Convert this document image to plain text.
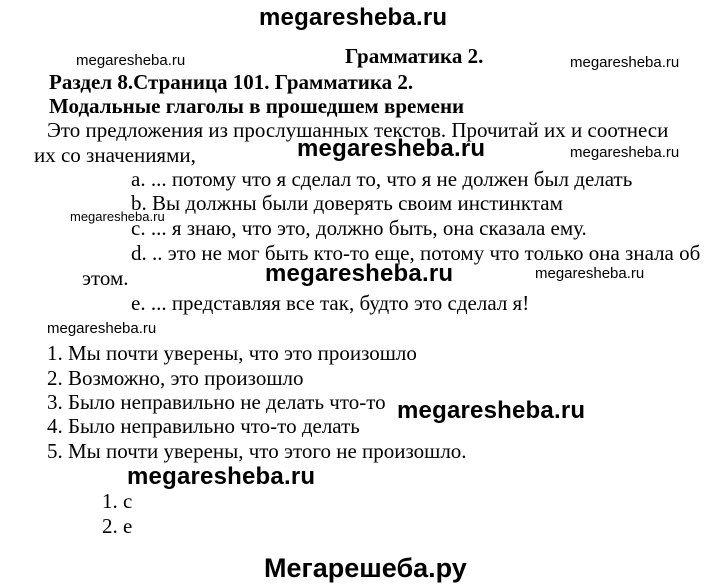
megaresheba.ru
megaresheba.ru	Грамматика 2.	megaresheba.ru
Раздел 8.Страница 101. Грамматика 2.
Модальные глаголы в прошедшем времени
Это предложения из прослушанных текстов. Прочитай их и соотнеси
их со значениями,	megaresheba.ru	megaresheba.ru
a. ... потому что я сделал то, что я не должен был делать
b. Вы должны были доверять своим инстинктам
megaresheba.ru
c. ... я знаю, что это, должно быть, она сказала ему.
d. .. это не мог быть кто-то еще, потому что только она знала об
этом.	megaresheba.ru	megaresheba.ru
e. ... представляя все так, будто это сделал я!
megaresheba.ru
1. Мы почти уверены, что это произошло
2. Возможно, это произошло
3. Было неправильно не делать что-то megaresheba.ru
4. Было неправильно что-то делать
5. Мы почти уверены, что этого не произошло.
megaresheba.ru
1. c
2. e
Мегарешеба.ру
